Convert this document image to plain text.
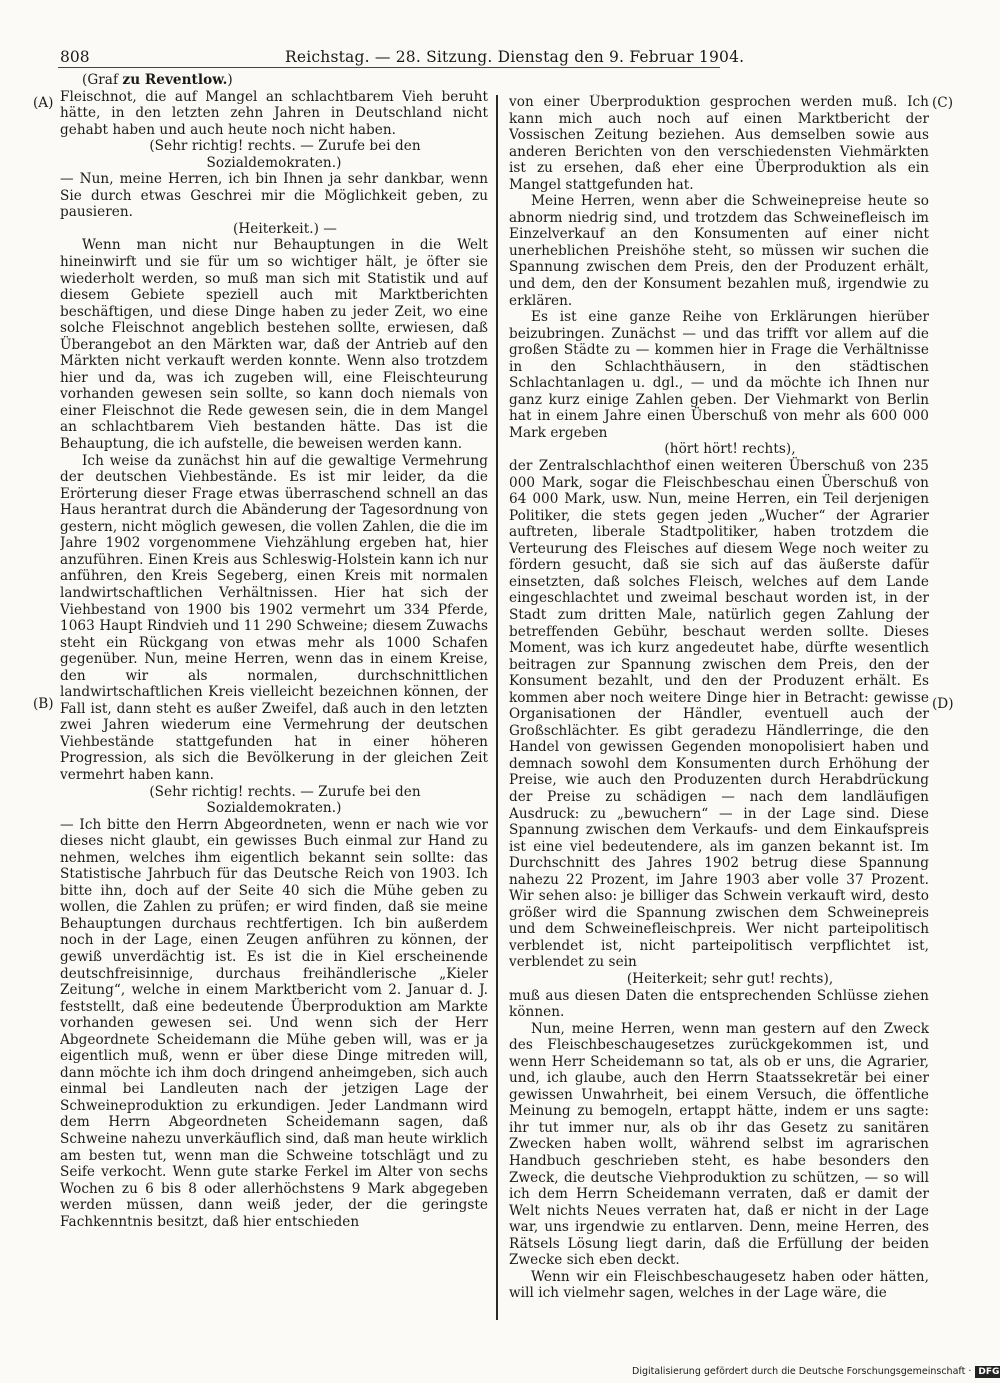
808	Reichstag. — 28. Sitzung. Dienstag den 9. Februar 1904.
(A)
(B)
(C)
(D)

(Graf zu Reventlow.)

Fleischnot, die auf Mangel an schlachtbarem Vieh beruht hätte, in den letzten zehn Jahren in Deutschland nicht gehabt haben und auch heute noch nicht haben.

(Sehr richtig! rechts. — Zurufe bei den Sozialdemokraten.)

— Nun, meine Herren, ich bin Ihnen ja sehr dankbar, wenn Sie durch etwas Geschrei mir die Möglichkeit geben, zu pausieren.

(Heiterkeit.) —

Wenn man nicht nur Behauptungen in die Welt hineinwirft und sie für um so wichtiger hält, je öfter sie wiederholt werden, so muß man sich mit Statistik und auf diesem Gebiete speziell auch mit Marktberichten beschäftigen, und diese Dinge haben zu jeder Zeit, wo eine solche Fleischnot angeblich bestehen sollte, erwiesen, daß Überangebot an den Märkten war, daß der Antrieb auf den Märkten nicht verkauft werden konnte. Wenn also trotzdem hier und da, was ich zugeben will, eine Fleischteurung vorhanden gewesen sein sollte, so kann doch niemals von einer Fleischnot die Rede gewesen sein, die in dem Mangel an schlachtbarem Vieh bestanden hätte. Das ist die Behauptung, die ich aufstelle, die beweisen werden kann.

Ich weise da zunächst hin auf die gewaltige Vermehrung der deutschen Viehbestände. Es ist mir leider, da die Erörterung dieser Frage etwas überraschend schnell an das Haus herantrat durch die Abänderung der Tagesordnung von gestern, nicht möglich gewesen, die vollen Zahlen, die die im Jahre 1902 vorgenommene Viehzählung ergeben hat, hier anzuführen. Einen Kreis aus Schleswig-Holstein kann ich nur anführen, den Kreis Segeberg, einen Kreis mit normalen landwirtschaftlichen Verhältnissen. Hier hat sich der Viehbestand von 1900 bis 1902 vermehrt um 334 Pferde, 1063 Haupt Rindvieh und 11 290 Schweine; diesem Zuwachs steht ein Rückgang von etwas mehr als 1000 Schafen gegenüber. Nun, meine Herren, wenn das in einem Kreise, den wir als normalen, durchschnittlichen landwirtschaftlichen Kreis vielleicht bezeichnen können, der Fall ist, dann steht es außer Zweifel, daß auch in den letzten zwei Jahren wiederum eine Vermehrung der deutschen Viehbestände stattgefunden hat in einer höheren Progression, als sich die Bevölkerung in der gleichen Zeit vermehrt haben kann.

(Sehr richtig! rechts. — Zurufe bei den Sozialdemokraten.)

— Ich bitte den Herrn Abgeordneten, wenn er nach wie vor dieses nicht glaubt, ein gewisses Buch einmal zur Hand zu nehmen, welches ihm eigentlich bekannt sein sollte: das Statistische Jahrbuch für das Deutsche Reich von 1903. Ich bitte ihn, doch auf der Seite 40 sich die Mühe geben zu wollen, die Zahlen zu prüfen; er wird finden, daß sie meine Behauptungen durchaus rechtfertigen. Ich bin außerdem noch in der Lage, einen Zeugen anführen zu können, der gewiß unverdächtig ist. Es ist die in Kiel erscheinende deutschfreisinnige, durchaus freihändlerische „Kieler Zeitung“, welche in einem Marktbericht vom 2. Januar d. J. feststellt, daß eine bedeutende Überproduktion am Markte vorhanden gewesen sei. Und wenn sich der Herr Abgeordnete Scheidemann die Mühe geben will, was er ja eigentlich muß, wenn er über diese Dinge mitreden will, dann möchte ich ihm doch dringend anheimgeben, sich auch einmal bei Landleuten nach der jetzigen Lage der Schweineproduktion zu erkundigen. Jeder Landmann wird dem Herrn Abgeordneten Scheidemann sagen, daß Schweine nahezu unverkäuflich sind, daß man heute wirklich am besten tut, wenn man die Schweine totschlägt und zu Seife verkocht. Wenn gute starke Ferkel im Alter von sechs Wochen zu 6 bis 8 oder allerhöchstens 9 Mark abgegeben werden müssen, dann weiß jeder, der die geringste Fachkenntnis besitzt, daß hier entschieden

von einer Überproduktion gesprochen werden muß. Ich kann mich auch noch auf einen Marktbericht der Vossischen Zeitung beziehen. Aus demselben sowie aus anderen Berichten von den verschiedensten Viehmärkten ist zu ersehen, daß eher eine Überproduktion als ein Mangel stattgefunden hat.

Meine Herren, wenn aber die Schweinepreise heute so abnorm niedrig sind, und trotzdem das Schweinefleisch im Einzelverkauf an den Konsumenten auf einer nicht unerheblichen Preishöhe steht, so müssen wir suchen die Spannung zwischen dem Preis, den der Produzent erhält, und dem, den der Konsument bezahlen muß, irgendwie zu erklären.

Es ist eine ganze Reihe von Erklärungen hierüber beizubringen. Zunächst — und das trifft vor allem auf die großen Städte zu — kommen hier in Frage die Verhältnisse in den Schlachthäusern, in den städtischen Schlachtanlagen u. dgl., — und da möchte ich Ihnen nur ganz kurz einige Zahlen geben. Der Viehmarkt von Berlin hat in einem Jahre einen Überschuß von mehr als 600 000 Mark ergeben

(hört hört! rechts),

der Zentralschlachthof einen weiteren Überschuß von 235 000 Mark, sogar die Fleischbeschau einen Überschuß von 64 000 Mark, usw. Nun, meine Herren, ein Teil derjenigen Politiker, die stets gegen jeden „Wucher“ der Agrarier auftreten, liberale Stadtpolitiker, haben trotzdem die Verteurung des Fleisches auf diesem Wege noch weiter zu fördern gesucht, daß sie sich auf das äußerste dafür einsetzten, daß solches Fleisch, welches auf dem Lande eingeschlachtet und zweimal beschaut worden ist, in der Stadt zum dritten Male, natürlich gegen Zahlung der betreffenden Gebühr, beschaut werden sollte. Dieses Moment, was ich kurz angedeutet habe, dürfte wesentlich beitragen zur Spannung zwischen dem Preis, den der Konsument bezahlt, und den der Produzent erhält. Es kommen aber noch weitere Dinge hier in Betracht: gewisse Organisationen der Händler, eventuell auch der Großschlächter. Es gibt geradezu Händlerringe, die den Handel von gewissen Gegenden monopolisiert haben und demnach sowohl dem Konsumenten durch Erhöhung der Preise, wie auch den Produzenten durch Herabdrückung der Preise zu schädigen — nach dem landläufigen Ausdruck: zu „bewuchern“ — in der Lage sind. Diese Spannung zwischen dem Verkaufs- und dem Einkaufspreis ist eine viel bedeutendere, als im ganzen bekannt ist. Im Durchschnitt des Jahres 1902 betrug diese Spannung nahezu 22 Prozent, im Jahre 1903 aber volle 37 Prozent. Wir sehen also: je billiger das Schwein verkauft wird, desto größer wird die Spannung zwischen dem Schweinepreis und dem Schweinefleischpreis. Wer nicht parteipolitisch verblendet ist, nicht parteipolitisch verpflichtet ist, verblendet zu sein

(Heiterkeit; sehr gut! rechts),

muß aus diesen Daten die entsprechenden Schlüsse ziehen können.

Nun, meine Herren, wenn man gestern auf den Zweck des Fleischbeschaugesetzes zurückgekommen ist, und wenn Herr Scheidemann so tat, als ob er uns, die Agrarier, und, ich glaube, auch den Herrn Staatssekretär bei einer gewissen Unwahrheit, bei einem Versuch, die öffentliche Meinung zu bemogeln, ertappt hätte, indem er uns sagte: ihr tut immer nur, als ob ihr das Gesetz zu sanitären Zwecken haben wollt, während selbst im agrarischen Handbuch geschrieben steht, es habe besonders den Zweck, die deutsche Viehproduktion zu schützen, — so will ich dem Herrn Scheidemann verraten, daß er damit der Welt nichts Neues verraten hat, daß er nicht in der Lage war, uns irgendwie zu entlarven. Denn, meine Herren, des Rätsels Lösung liegt darin, daß die Erfüllung der beiden Zwecke sich eben deckt.

Wenn wir ein Fleischbeschaugesetz haben oder hätten, will ich vielmehr sagen, welches in der Lage wäre, die

Digitalisierung gefördert durch die Deutsche Forschungsgemeinschaft · DFG
